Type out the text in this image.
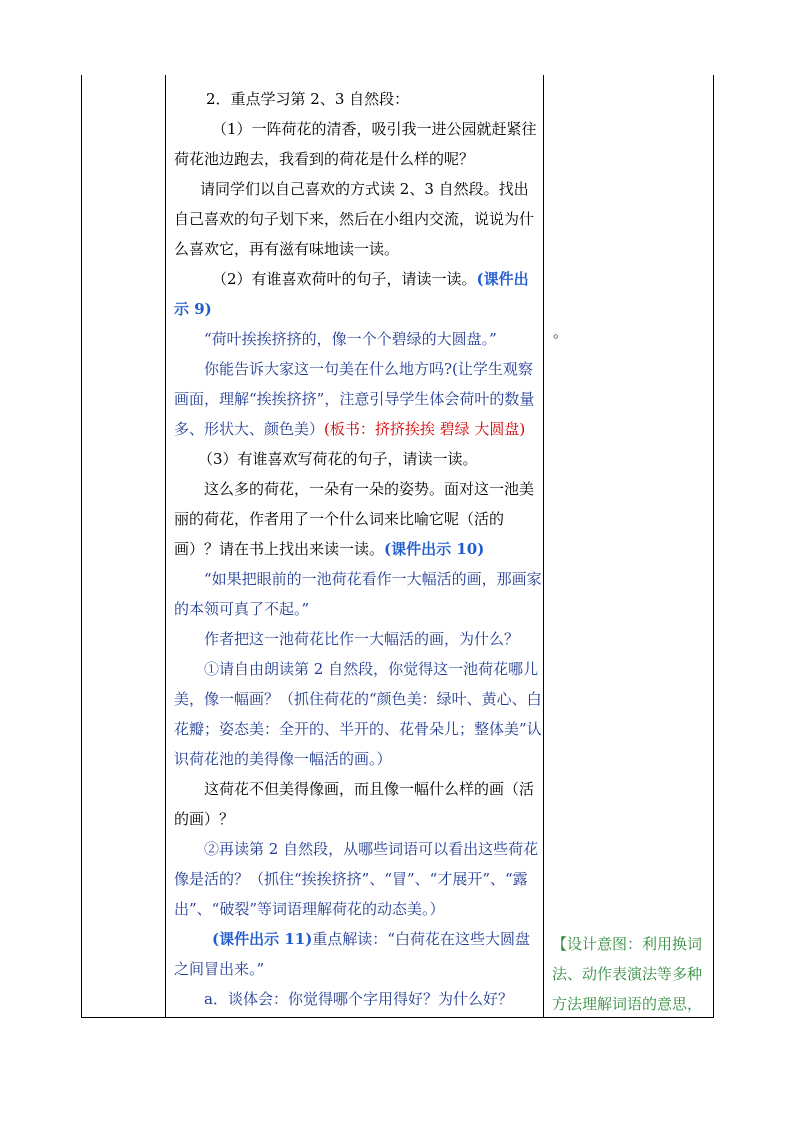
2．重点学习第 2、3 自然段：

（1）一阵荷花的清香，吸引我一进公园就赶紧往荷花池边跑去，我看到的荷花是什么样的呢？

请同学们以自己喜欢的方式读 2、3 自然段。找出自己喜欢的句子划下来，然后在小组内交流，说说为什么喜欢它，再有滋有味地读一读。

（2）有谁喜欢荷叶的句子，请读一读。(课件出示 9)

“荷叶挨挨挤挤的，像一个个碧绿的大圆盘。”

你能告诉大家这一句美在什么地方吗?(让学生观察画面，理解“挨挨挤挤”，注意引导学生体会荷叶的数量多、形状大、颜色美）(板书：挤挤挨挨 碧绿 大圆盘)

（3）有谁喜欢写荷花的句子，请读一读。

这么多的荷花，一朵有一朵的姿势。面对这一池美丽的荷花，作者用了一个什么词来比喻它呢（活的画）？请在书上找出来读一读。(课件出示 10)

“如果把眼前的一池荷花看作一大幅活的画，那画家的本领可真了不起。”

作者把这一池荷花比作一大幅活的画，为什么？

①请自由朗读第 2 自然段，你觉得这一池荷花哪儿美，像一幅画？（抓住荷花的“颜色美：绿叶、黄心、白花瓣；姿态美：全开的、半开的、花骨朵儿；整体美”认识荷花池的美得像一幅活的画。）

这荷花不但美得像画，而且像一幅什么样的画（活的画）？

②再读第 2 自然段，从哪些词语可以看出这些荷花像是活的？（抓住“挨挨挤挤”、“冒”、“才展开”、“露出”、“破裂”等词语理解荷花的动态美。）

(课件出示 11)重点解读：“白荷花在这些大圆盘之间冒出来。”

a．谈体会：你觉得哪个字用得好？为什么好？

。

【设计意图：利用换词

法、动作表演法等多种

方法理解词语的意思，
